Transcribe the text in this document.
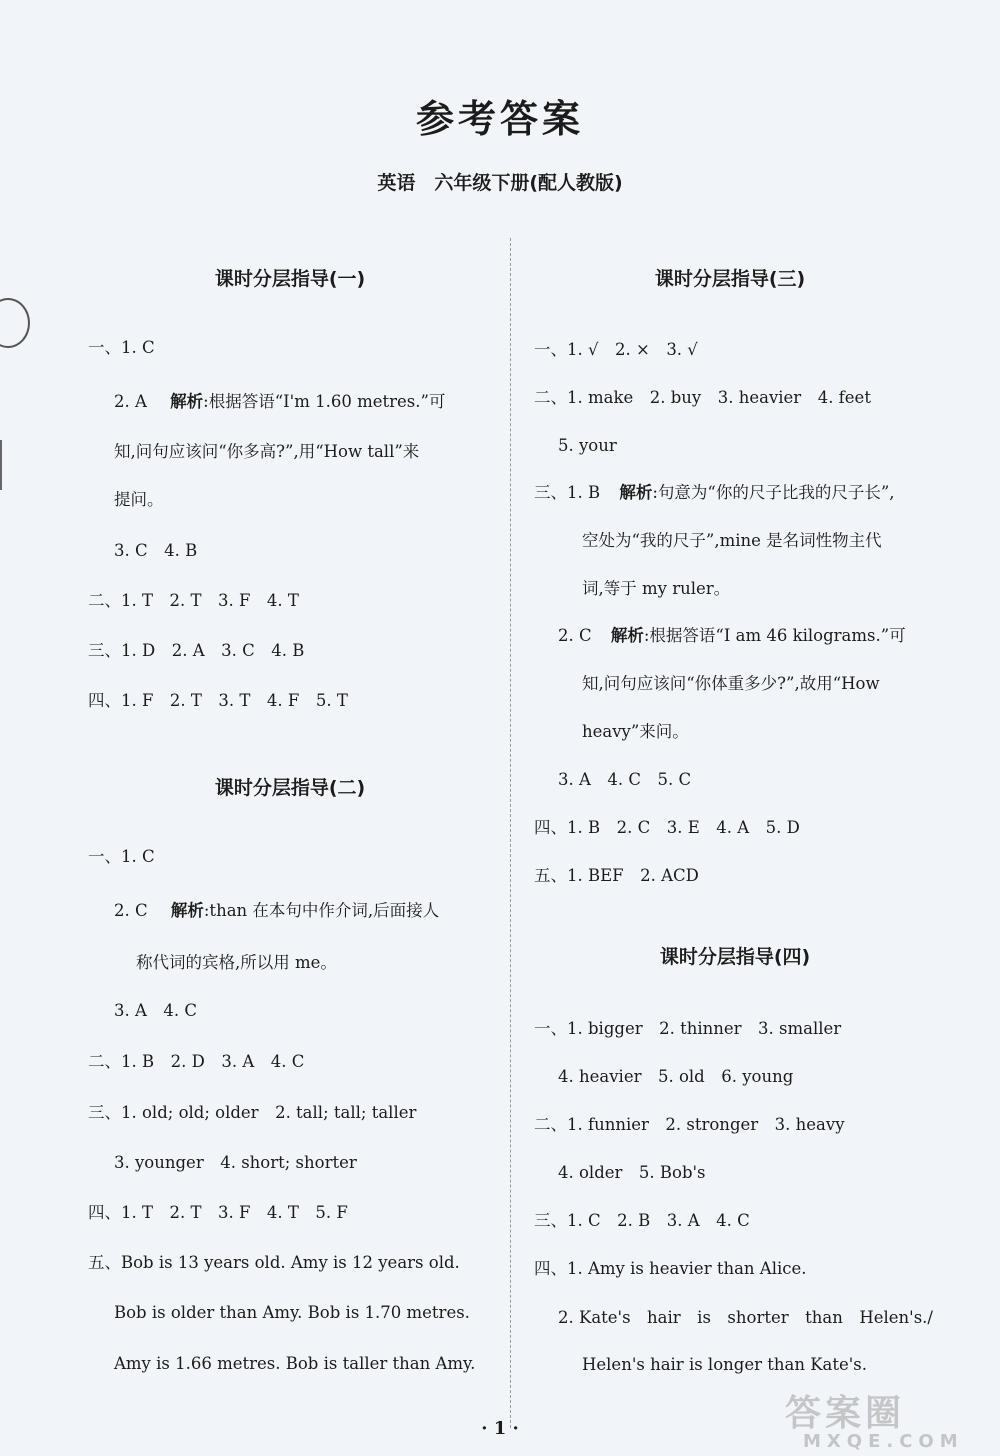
参考答案
英语　六年级下册(配人教版)
课时分层指导(一)
一、1. C
2. A 解析:根据答语“I'm 1.60 metres.”可
知,问句应该问“你多高?”,用“How tall”来
提问。
3. C　4. B
二、1. T　2. T　3. F　4. T
三、1. D　2. A　3. C　4. B
四、1. F　2. T　3. T　4. F　5. T
课时分层指导(二)
一、1. C
2. C 解析:than 在本句中作介词,后面接人
称代词的宾格,所以用 me。
3. A　4. C
二、1. B　2. D　3. A　4. C
三、1. old; old; older　2. tall; tall; taller
3. younger　4. short; shorter
四、1. T　2. T　3. F　4. T　5. F
五、Bob is 13 years old. Amy is 12 years old.
Bob is older than Amy. Bob is 1.70 metres.
Amy is 1.66 metres. Bob is taller than Amy.
课时分层指导(三)
一、1. √　2. ×　3. √
二、1. make　2. buy　3. heavier　4. feet
5. your
三、1. B 解析:句意为“你的尺子比我的尺子长”,
空处为“我的尺子”,mine 是名词性物主代
词,等于 my ruler。
2. C 解析:根据答语“I am 46 kilograms.”可
知,问句应该问“你体重多少?”,故用“How
heavy”来问。
3. A　4. C　5. C
四、1. B　2. C　3. E　4. A　5. D
五、1. BEF　2. ACD
课时分层指导(四)
一、1. bigger　2. thinner　3. smaller
4. heavier　5. old　6. young
二、1. funnier　2. stronger　3. heavy
4. older　5. Bob's
三、1. C　2. B　3. A　4. C
四、1. Amy is heavier than Alice.
2. Kate's　hair　is　shorter　than　Helen's./
Helen's hair is longer than Kate's.
· 1 ·	答案圈
MXQE.COM
